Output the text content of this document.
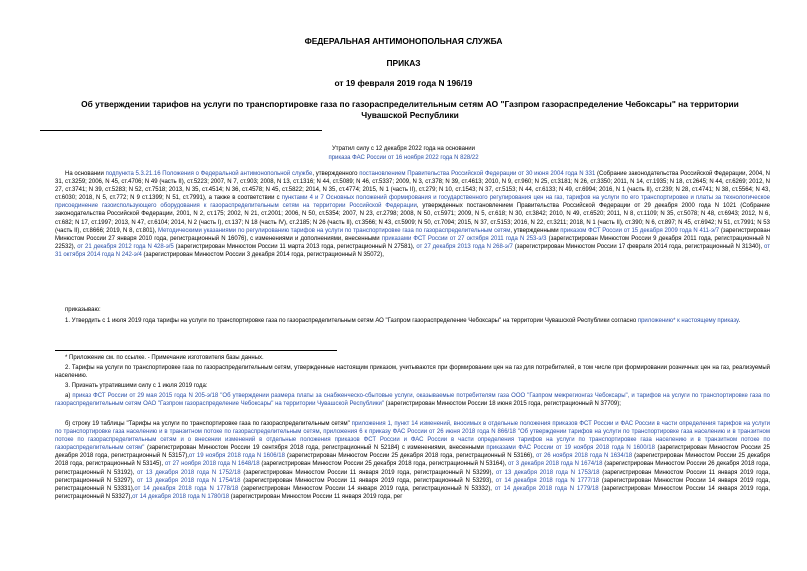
ФЕДЕРАЛЬНАЯ АНТИМОНОПОЛЬНАЯ СЛУЖБА
ПРИКАЗ
от 19 февраля 2019 года N 196/19
Об утверждении тарифов на услуги по транспортировке газа по газораспределительным сетям АО "Газпром газораспределение Чебоксары" на территории Чувашской Республики
Утратил силу с 12 декабря 2022 года на основании
приказа ФАС России от 16 ноября 2022 года N 828/22
На основании подпункта 5.3.21.16 Положения о Федеральной антимонопольной службе, утвержденного постановлением Правительства Российской Федерации от 30 июня 2004 года N 331 (Собрание законодательства Российской Федерации, 2004, N 31, ст.3259; 2006, N 45, ст.4706; N 49 (часть II), ст.5223; 2007, N 7, ст.903; 2008, N 13, ст.1316; N 44, ст.5089; N 46, ст.5337; 2009, N 3, ст.378; N 39, ст.4613; 2010, N 9, ст.960; N 25, ст.3181; N 26, ст.3350; 2011, N 14, ст.1935; N 18, ст.2645; N 44, ст.6269; 2012, N 27, ст.3741; N 39, ст.5283; N 52, ст.7518; 2013, N 35, ст.4514; N 36, ст.4578; N 45, ст.5822; 2014, N 35, ст.4774; 2015, N 1 (часть II), ст.279; N 10, ст.1543; N 37, ст.5153; N 44, ст.6133; N 49, ст.6994; 2016, N 1 (часть II), ст.239; N 28, ст.4741; N 38, ст.5564; N 43, ст.6030; 2018, N 5, ст.772; N 9 ст.1399; N 51, ст.7991), а также в соответствии с пунктами 4 и 7 Основных положений формирования и государственного регулирования цен на газ, тарифов на услуги по его транспортировке и платы за технологическое присоединение газоиспользующего оборудования к газораспределительным сетям на территории Российской Федерации, утвержденных постановлением Правительства Российской Федерации от 29 декабря 2000 года N 1021 (Собрание законодательства Российской Федерации, 2001, N 2, ст.175; 2002, N 21, ст.2001; 2006, N 50, ст.5354; 2007, N 23, ст.2798; 2008, N 50, ст.5971; 2009, N 5, ст.618; N 30, ст.3842; 2010, N 49, ст.6520; 2011, N 8, ст.1109; N 35, ст.5078; N 48, ст.6943; 2012, N 6, ст.682; N 17, ст.1997; 2013, N 47, ст.6104; 2014, N 2 (часть I), ст.137; N 18 (часть IV), ст.2185; N 26 (часть II), ст.3566; N 43, ст.5909; N 50, ст.7094; 2015, N 37, ст.5153; 2016, N 22, ст.3211; 2018, N 1 (часть II), ст.390; N 6, ст.897; N 45, ст.6942; N 51, ст.7991; N 53 (часть II), ст.8666; 2019, N 8, ст.801), Методическими указаниями по регулированию тарифов на услуги по транспортировке газа по газораспределительным сетям, утвержденными приказом ФСТ России от 15 декабря 2009 года N 411-э/7 (зарегистрирован Минюстом России 27 января 2010 года, регистрационный N 16076), с изменениями и дополнениями, внесенными приказами ФСТ России от 27 октября 2011 года N 253-э/3 (зарегистрирован Минюстом России 9 декабря 2011 года, регистрационный N 22532), от 21 декабря 2012 года N 428-э/5 (зарегистрирован Минюстом России 11 марта 2013 года, регистрационный N 27581), от 27 декабря 2013 года N 268-э/7 (зарегистрирован Минюстом России 17 февраля 2014 года, регистрационный N 31340), от 31 октября 2014 года N 242-э/4 (зарегистрирован Минюстом России 3 декабря 2014 года, регистрационный N 35072),
приказываю:
1. Утвердить с 1 июля 2019 года тарифы на услуги по транспортировке газа по газораспределительным сетям АО "Газпром газораспределение Чебоксары" на территории Чувашской Республики согласно приложению* к настоящему приказу.
* Приложение см. по ссылке. - Примечание изготовителя базы данных.
2. Тарифы на услуги по транспортировке газа по газораспределительным сетям, утвержденные настоящим приказом, учитываются при формировании цен на газ для потребителей, в том числе при формировании розничных цен на газ, реализуемый населению.
3. Признать утратившими силу с 1 июля 2019 года:
а) приказ ФСТ России от 29 мая 2015 года N 205-э/18 "Об утверждении размера платы за снабженческо-сбытовые услуги, оказываемые потребителям газа ООО "Газпром межрегионгаз Чебоксары", и тарифов на услуги по транспортировке газа по газораспределительным сетям ОАО "Газпром газораспределение Чебоксары" на территории Чувашской Республики" (зарегистрирован Минюстом России 18 июня 2015 года, регистрационный N 37709);
б) строку 19 таблицы "Тарифы на услуги по транспортировке газа по газораспределительным сетям" приложения 1, пункт 14 изменений, вносимых в отдельные положения приказов ФСТ России и ФАС России в части определения тарифов на услуги по транспортировке газа населению и в транзитном потоке по газораспределительным сетям, приложения 6 к приказу ФАС России от 26 июня 2018 года N 866/18 "Об утверждении тарифов на услуги по транспортировке газа населению и в транзитном потоке по газораспределительным сетям и о внесении изменений в отдельные положения приказов ФСТ России и ФАС России в части определения тарифов на услуги по транспортировке газа населению и в транзитном потоке по газораспределительным сетям" (зарегистрирован Минюстом России 19 сентября 2018 года, регистрационный N 52184) с изменениями, внесенными приказами ФАС России от 19 ноября 2018 года N 1600/18 (зарегистрирован Минюстом России 25 декабря 2018 года, регистрационный N 53157),от 19 ноября 2018 года N 1606/18 (зарегистрирован Минюстом России 25 декабря 2018 года, регистрационный N 53166), от 26 ноября 2018 года N 1634/18 (зарегистрирован Минюстом России 25 декабря 2018 года, регистрационный N 53145), от 27 ноября 2018 года N 1648/18 (зарегистрирован Минюстом России 25 декабря 2018 года, регистрационный N 53164), от 3 декабря 2018 года N 1674/18 (зарегистрирован Минюстом России 26 декабря 2018 года, регистрационный N 53192), от 13 декабря 2018 года N 1752/18 (зарегистрирован Минюстом России 11 января 2019 года, регистрационный N 53299), от 13 декабря 2018 года N 1753/18 (зарегистрирован Минюстом России 11 января 2019 года, регистрационный N 53297), от 13 декабря 2018 года N 1754/18 (зарегистрирован Минюстом России 11 января 2019 года, регистрационный N 53293), от 14 декабря 2018 года N 1777/18 (зарегистрирован Минюстом России 14 января 2019 года, регистрационный N 53331),от 14 декабря 2018 года N 1778/18 (зарегистрирован Минюстом России 14 января 2019 года, регистрационный N 53332), от 14 декабря 2018 года N 1779/18 (зарегистрирован Минюстом России 14 января 2019 года, регистрационный N 53327),от 14 декабря 2018 года N 1780/18 (зарегистрирован Минюстом России 11 января 2019 года, рег
